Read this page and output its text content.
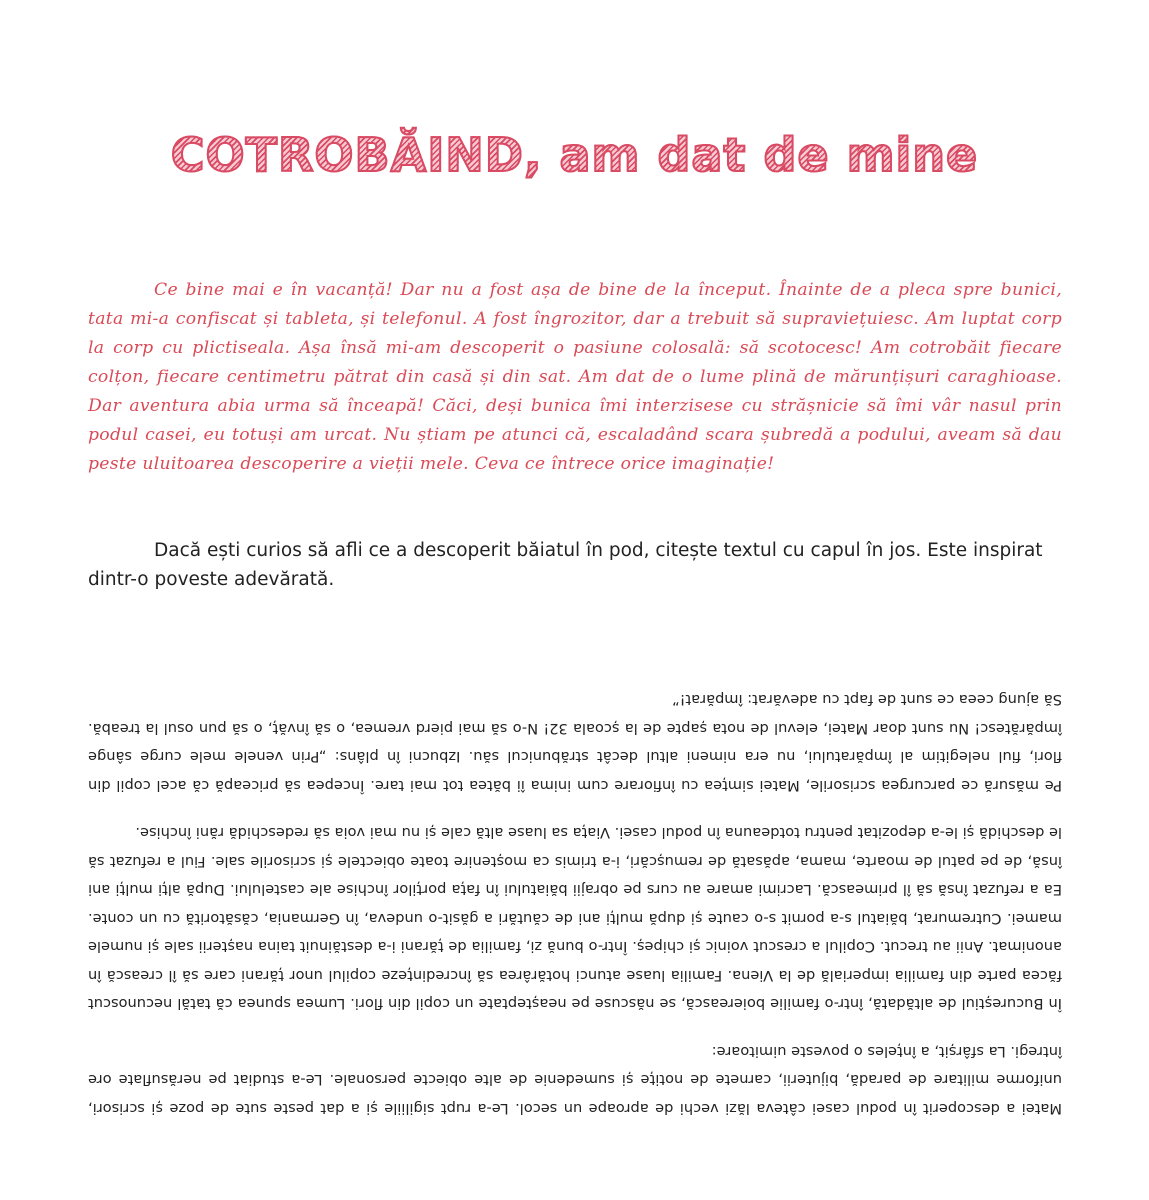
COTROBĂIND, am dat de mine

Ce bine mai e în vacanță! Dar nu a fost așa de bine de la început. Înainte de a pleca spre bunici, tata mi-a confiscat și tableta, și telefonul. A fost îngrozitor, dar a trebuit să supraviețuiesc. Am luptat corp la corp cu plictiseala. Așa însă mi-am descoperit o pasiune colosală: să scotocesc! Am cotrobăit fiecare colțon, fiecare centimetru pătrat din casă și din sat. Am dat de o lume plină de mărunțișuri caraghioase. Dar aventura abia urma să înceapă! Căci, deși bunica îmi interzisese cu strășnicie să îmi vâr nasul prin podul casei, eu totuși am urcat. Nu știam pe atunci că, escaladând scara șubredă a podului, aveam să dau peste uluitoarea descoperire a vieții mele. Ceva ce întrece orice imaginație!

Dacă ești curios să afli ce a descoperit băiatul în pod, citește textul cu capul în jos. Este inspirat dintr-o poveste adevărată.

Matei a descoperit în podul casei câteva lăzi vechi de aproape un secol. Le-a rupt sigiliile și a dat peste sute de poze și scrisori, uniforme militare de paradă, bijuterii, carnete de notițe și sumedenie de alte obiecte personale. Le-a studiat pe nerăsuflate ore întregi. La sfârșit, a înțeles o poveste uimitoare:

În Bucureștiul de altădată, într-o familie boierească, se născuse pe neașteptate un copil din flori. Lumea spunea că tatăl necunoscut făcea parte din familia imperială de la Viena. Familia luase atunci hotărârea să încredințeze copilul unor țărani care să îl crească în anonimat. Anii au trecut. Copilul a crescut voinic și chipeș. Într-o bună zi, familia de țărani i-a destăinuit taina nașterii sale și numele mamei. Cutremurat, băiatul s-a pornit s-o caute și după mulți ani de căutări a găsit-o undeva, în Germania, căsătorită cu un conte. Ea a refuzat însă să îl primească. Lacrimi amare au curs pe obrajii băiatului în fața porților închise ale castelului. După alți mulți ani însă, de pe patul de moarte, mama, apăsată de remușcări, i-a trimis ca moștenire toate obiectele și scrisorile sale. Fiul a refuzat să le deschidă și le-a depozitat pentru totdeauna în podul casei. Viața sa luase altă cale și nu mai voia să redeschidă răni închise.

Pe măsură ce parcurgea scrisorile, Matei simțea cu înfiorare cum inima îi bătea tot mai tare. Începea să priceapă că acel copil din flori, fiul nelegitim al împăratului, nu era nimeni altul decât străbunicul său. Izbucni în plâns: „Prin venele mele curge sânge împărătesc! Nu sunt doar Matei, elevul de nota șapte de la școala 32! N-o să mai pierd vremea, o să învăț, o să pun osul la treabă. Să ajung ceea ce sunt de fapt cu adevărat: împărat!”
